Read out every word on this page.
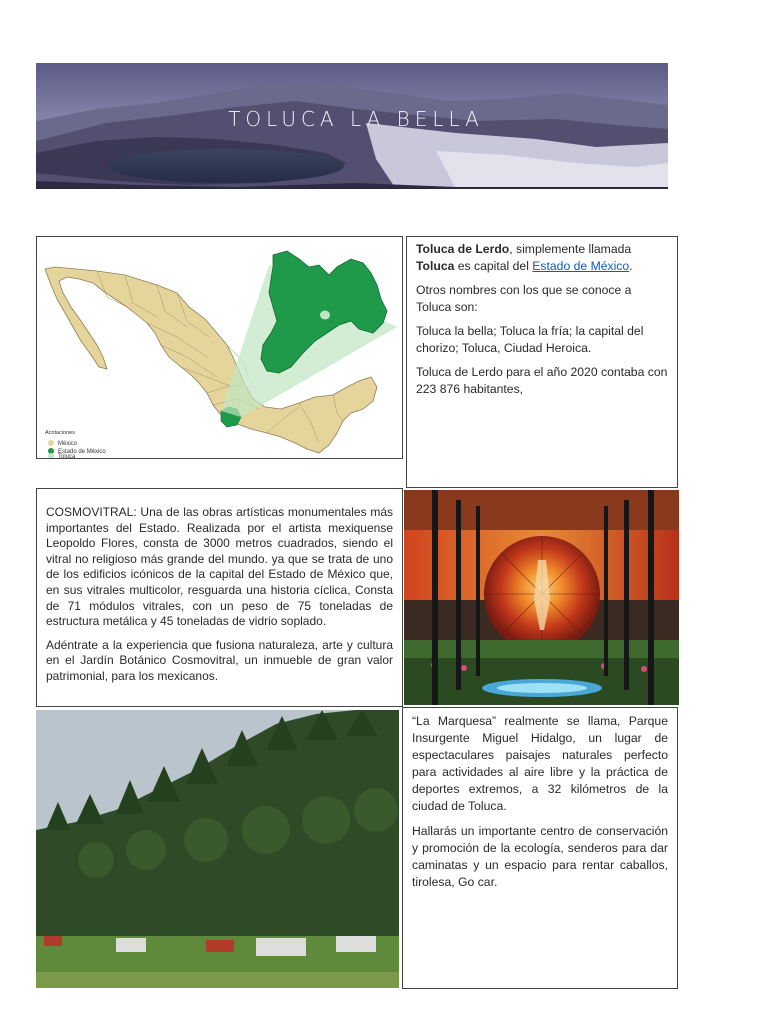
TOLUCA LA BELLA
Acotaciones
México
Estado de México
Toluca

Toluca de Lerdo, simplemente llamada Toluca es capital del Estado de México.

Otros nombres con los que se conoce a Toluca son:

Toluca la bella; Toluca la fría; la capital del chorizo; Toluca, Ciudad Heroica.

Toluca de Lerdo para el año 2020 contaba con 223 876 habitantes,

COSMOVITRAL: Una de las obras artísticas monumentales más importantes del Estado. Realizada por el artista mexiquense Leopoldo Flores, consta de 3000 metros cuadrados, siendo el vitral no religioso más grande del mundo. ya que se trata de uno de los edificios icónicos de la capital del Estado de México que, en sus vitrales multicolor, resguarda una historia cíclica, Consta de 71 módulos vitrales, con un peso de 75 toneladas de estructura metálica y 45 toneladas de vidrio soplado.

Adéntrate a la experiencia que fusiona naturaleza, arte y cultura en el Jardín Botánico Cosmovitral, un inmueble de gran valor patrimonial, para los mexicanos.

“La Marquesa” realmente se llama, Parque Insurgente Miguel Hidalgo, un lugar de espectaculares paisajes naturales perfecto para actividades al aire libre y la práctica de deportes extremos, a 32 kilómetros de la ciudad de Toluca.

Hallarás un importante centro de conservación y promoción de la ecología, senderos para dar caminatas y un espacio para rentar caballos, tirolesa, Go car.
